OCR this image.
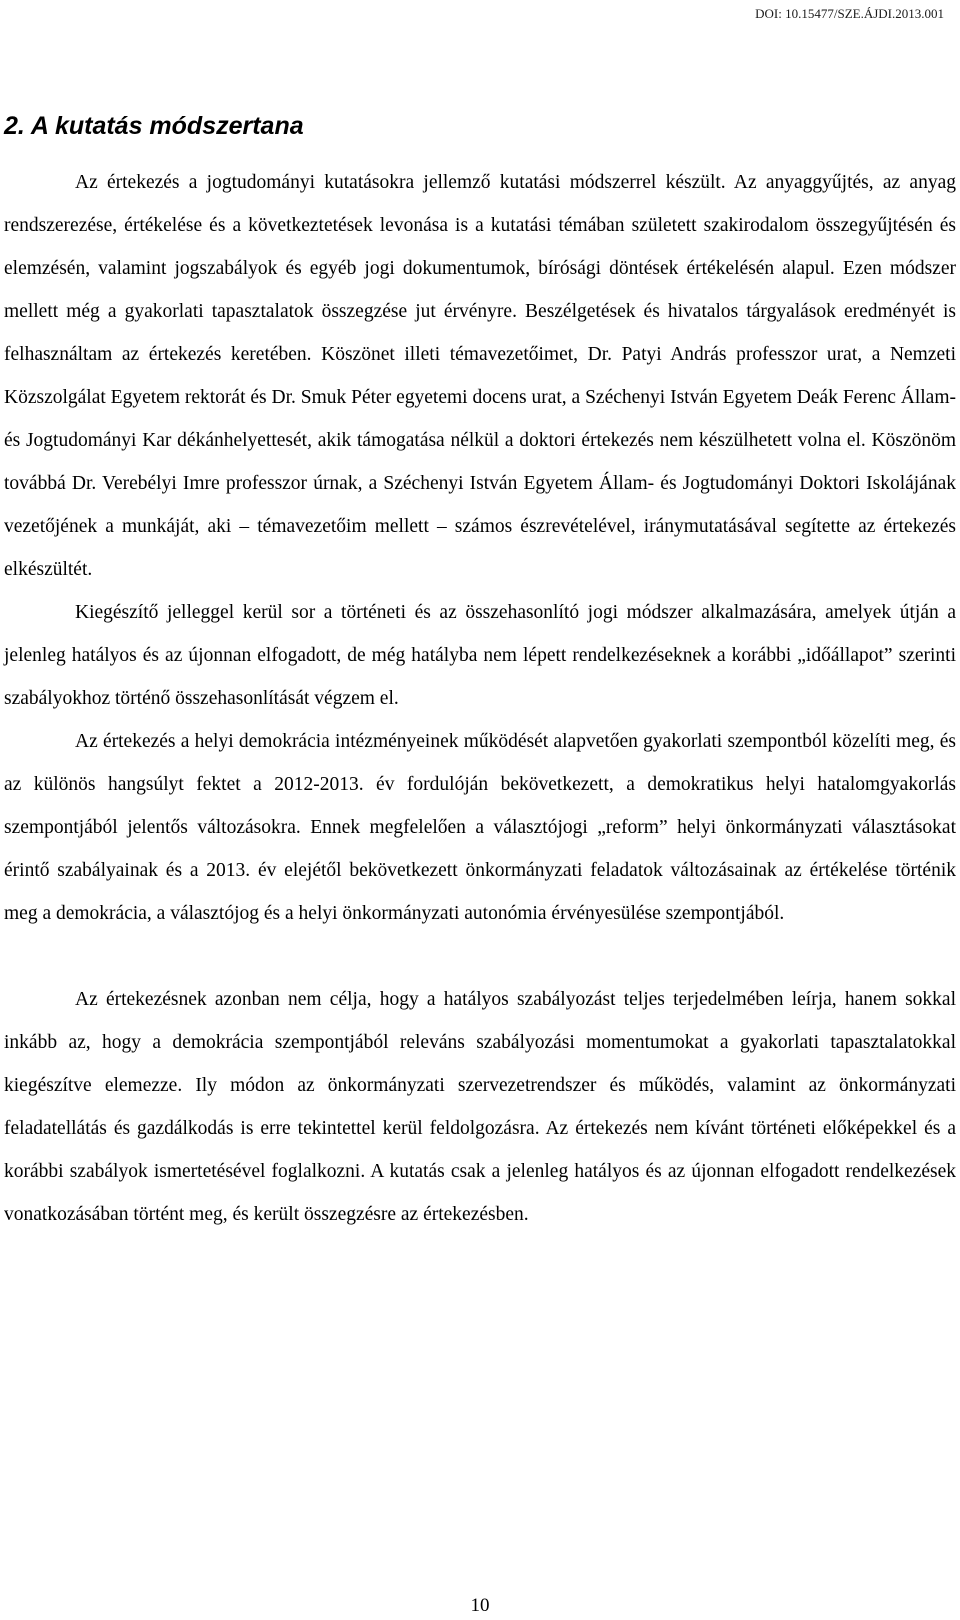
DOI: 10.15477/SZE.ÁJDI.2013.001

2. A kutatás módszertana

Az értekezés a jogtudományi kutatásokra jellemző kutatási módszerrel készült. Az anyaggyűjtés, az anyag rendszerezése, értékelése és a következtetések levonása is a kutatási témában született szakirodalom összegyűjtésén és elemzésén, valamint jogszabályok és egyéb jogi dokumentumok, bírósági döntések értékelésén alapul. Ezen módszer mellett még a gyakorlati tapasztalatok összegzése jut érvényre. Beszélgetések és hivatalos tárgyalások eredményét is felhasználtam az értekezés keretében. Köszönet illeti témavezetőimet, Dr. Patyi András professzor urat, a Nemzeti Közszolgálat Egyetem rektorát és Dr. Smuk Péter egyetemi docens urat, a Széchenyi István Egyetem Deák Ferenc Állam- és Jogtudományi Kar dékánhelyettesét, akik támogatása nélkül a doktori értekezés nem készülhetett volna el. Köszönöm továbbá Dr. Verebélyi Imre professzor úrnak, a Széchenyi István Egyetem Állam- és Jogtudományi Doktori Iskolájának vezetőjének a munkáját, aki – témavezetőim mellett – számos észrevételével, iránymutatásával segítette az értekezés elkészültét.

Kiegészítő jelleggel kerül sor a történeti és az összehasonlító jogi módszer alkalmazására, amelyek útján a jelenleg hatályos és az újonnan elfogadott, de még hatályba nem lépett rendelkezéseknek a korábbi „időállapot” szerinti szabályokhoz történő összehasonlítását végzem el.

Az értekezés a helyi demokrácia intézményeinek működését alapvetően gyakorlati szempontból közelíti meg, és az különös hangsúlyt fektet a 2012-2013. év fordulóján bekövetkezett, a demokratikus helyi hatalomgyakorlás szempontjából jelentős változásokra. Ennek megfelelően a választójogi „reform” helyi önkormányzati választásokat érintő szabályainak és a 2013. év elejétől bekövetkezett önkormányzati feladatok változásainak az értékelése történik meg a demokrácia, a választójog és a helyi önkormányzati autonómia érvényesülése szempontjából.

Az értekezésnek azonban nem célja, hogy a hatályos szabályozást teljes terjedelmében leírja, hanem sokkal inkább az, hogy a demokrácia szempontjából releváns szabályozási momentumokat a gyakorlati tapasztalatokkal kiegészítve elemezze. Ily módon az önkormányzati szervezetrendszer és működés, valamint az önkormányzati feladatellátás és gazdálkodás is erre tekintettel kerül feldolgozásra. Az értekezés nem kívánt történeti előképekkel és a korábbi szabályok ismertetésével foglalkozni. A kutatás csak a jelenleg hatályos és az újonnan elfogadott rendelkezések vonatkozásában történt meg, és került összegzésre az értekezésben.

10
